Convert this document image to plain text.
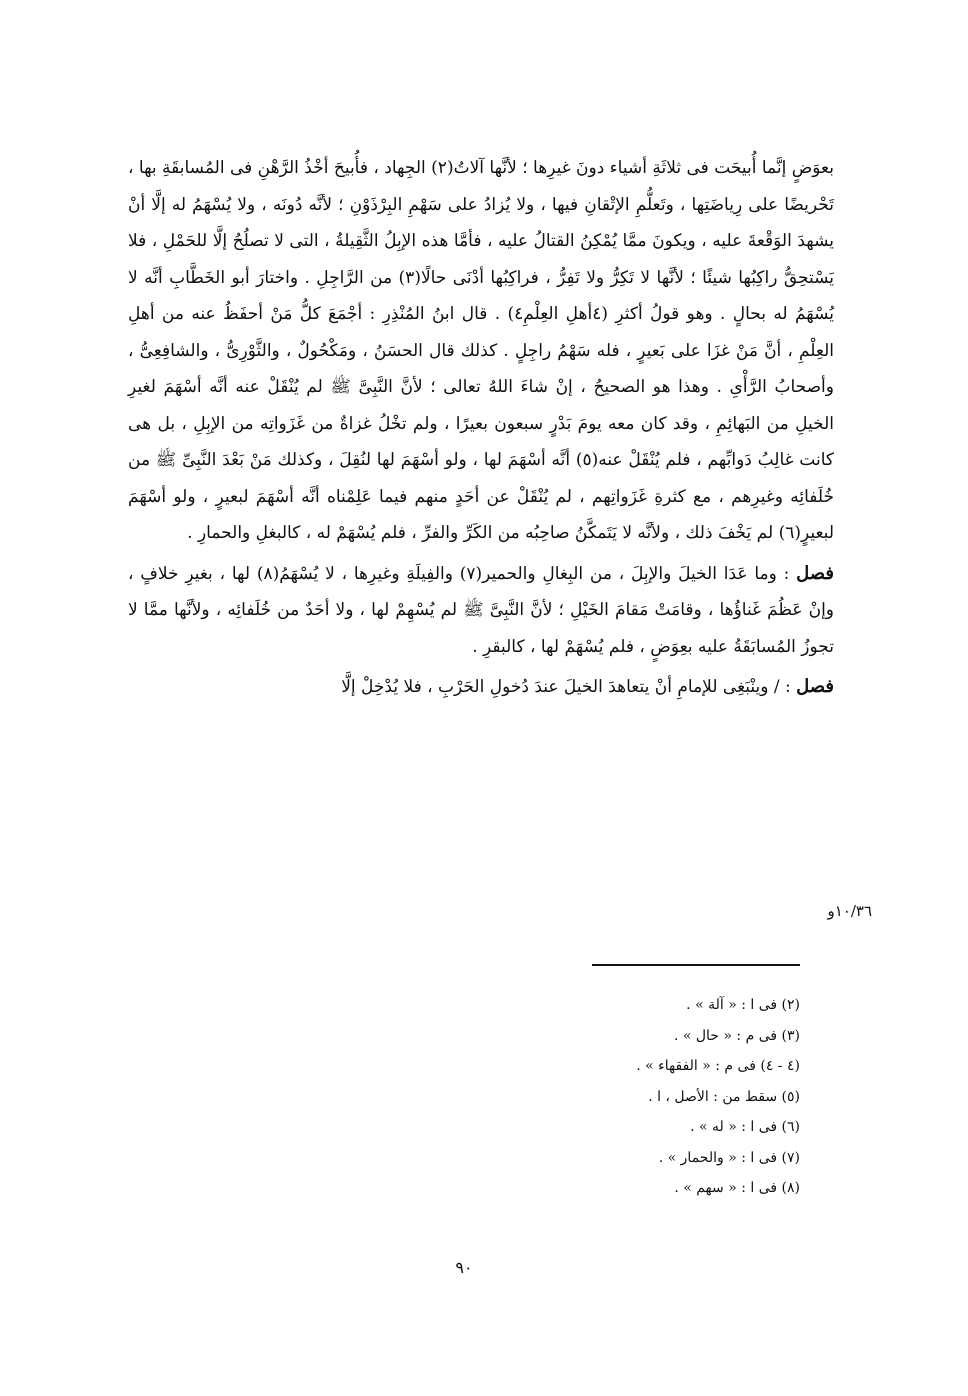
بعوَضٍ إنَّما أُبيحَت فى ثلاثَةِ أشياء دونَ غيرِها ؛ لأنَّها آلاتُ(٢) الجِهاد ، فأُبيحَ أخْذُ الرَّهْنِ فى المُسابقَةِ بها ، تَحْريضًا على رِياضَتِها ، وتَعلُّمِ الإتْقانِ فيها ، ولا يُزادُ على سَهْمِ البِرْذَوْنِ ؛ لأنَّه دُونَه ، ولا يُسْهَمُ له إلَّا أنْ يشهدَ الوَقْعةَ عليه ، ويكونَ ممَّا يُمْكِنُ القتالُ عليه ، فأمَّا هذه الإبِلُ الثَّقِيلةُ ، التى لا تصلُحُ إلَّا للحَمْلِ ، فلا يَسْتحِقُّ راكِبُها شيئًا ؛ لأنَّها لا تَكِرُّ ولا تَفِرُّ ، فراكِبُها أدْنَى حالًا(٣) من الرَّاجِلِ . واختارَ أبو الخَطَّابِ أنَّه لا يُسْهَمُ له بحالٍ . وهو قولُ أكثرِ (٤أهلِ العِلْمِ٤) . قال ابنُ المُنْذِرِ : أجْمَعَ كلُّ مَنْ أحفَظُ عنه من أهلِ العِلْمِ ، أنَّ مَنْ غزَا على بَعيرٍ ، فله سَهْمُ راجِلٍ . كذلك قال الحسَنُ ، ومَكْحُولٌ ، والثَّوْرِىُّ ، والشافِعِىُّ ، وأصحابُ الرَّأْىِ . وهذا هو الصحيحُ ، إنْ شاءَ اللهُ تعالى ؛ لأنَّ النَّبِىَّ ﷺ لم يُنْقَلْ عنه أنَّه أسْهَمَ لغيرِ الخيلِ من البَهائِمِ ، وقد كان معه يومَ بَدْرٍ سبعون بعيرًا ، ولم تخْلُ غزاةٌ من غَزَواتِه من الإبِلِ ، بل هى كانت غالِبُ دَوابِّهم ، فلم يُنْقَلْ عنه(٥) أنَّه أسْهَمَ لها ، ولو أسْهَمَ لها لنُقِلَ ، وكذلك مَنْ بَعْدَ النَّبِىِّ ﷺ من خُلَفائِه وغيرِهم ، مع كثرةِ غَزَواتِهم ، لم يُنْقَلْ عن أحَدٍ منهم فيما عَلِمْناه أنَّه أسْهَمَ لبعيرٍ ، ولو أسْهَمَ لبعيرٍ(٦) لم يَخْفَ ذلك ، ولأنَّه لا يَتَمكَّنُ صاحِبُه من الكَرِّ والفرِّ ، فلم يُسْهَمْ له ، كالبغلِ والحمارِ .

فصل : وما عَدَا الخيلَ والإبِلَ ، من البِغالِ والحمير(٧) والفِيلَةِ وغيرِها ، لا يُسْهَمُ(٨) لها ، بغيرِ خلافٍ ، وإنْ عَظُمَ غَناؤُها ، وقامَتْ مَقامَ الخَيْلِ ؛ لأنَّ النَّبِىَّ ﷺ لم يُسْهِمْ لها ، ولا أحَدٌ من خُلَفائِه ، ولأنَّها ممَّا لا تجوزُ المُسابَقَةُ عليه بعِوَضٍ ، فلم يُسْهَمْ لها ، كالبقرِ .

فصل : / وينْبَغِى للإمامِ أنْ يتعاهدَ الخيلَ عندَ دُخولِ الحَرْبِ ، فلا يُدْخِلْ إلَّا

١٠/٣٦و
(٢) فى ا : « آلة » .
(٣) فى م : « حال » .
(٤ - ٤) فى م : « الفقهاء » .
(٥) سقط من : الأصل ، ا .
(٦) فى ا : « له » .
(٧) فى ا : « والحمار » .
(٨) فى ا : « سهم » .
٩٠
